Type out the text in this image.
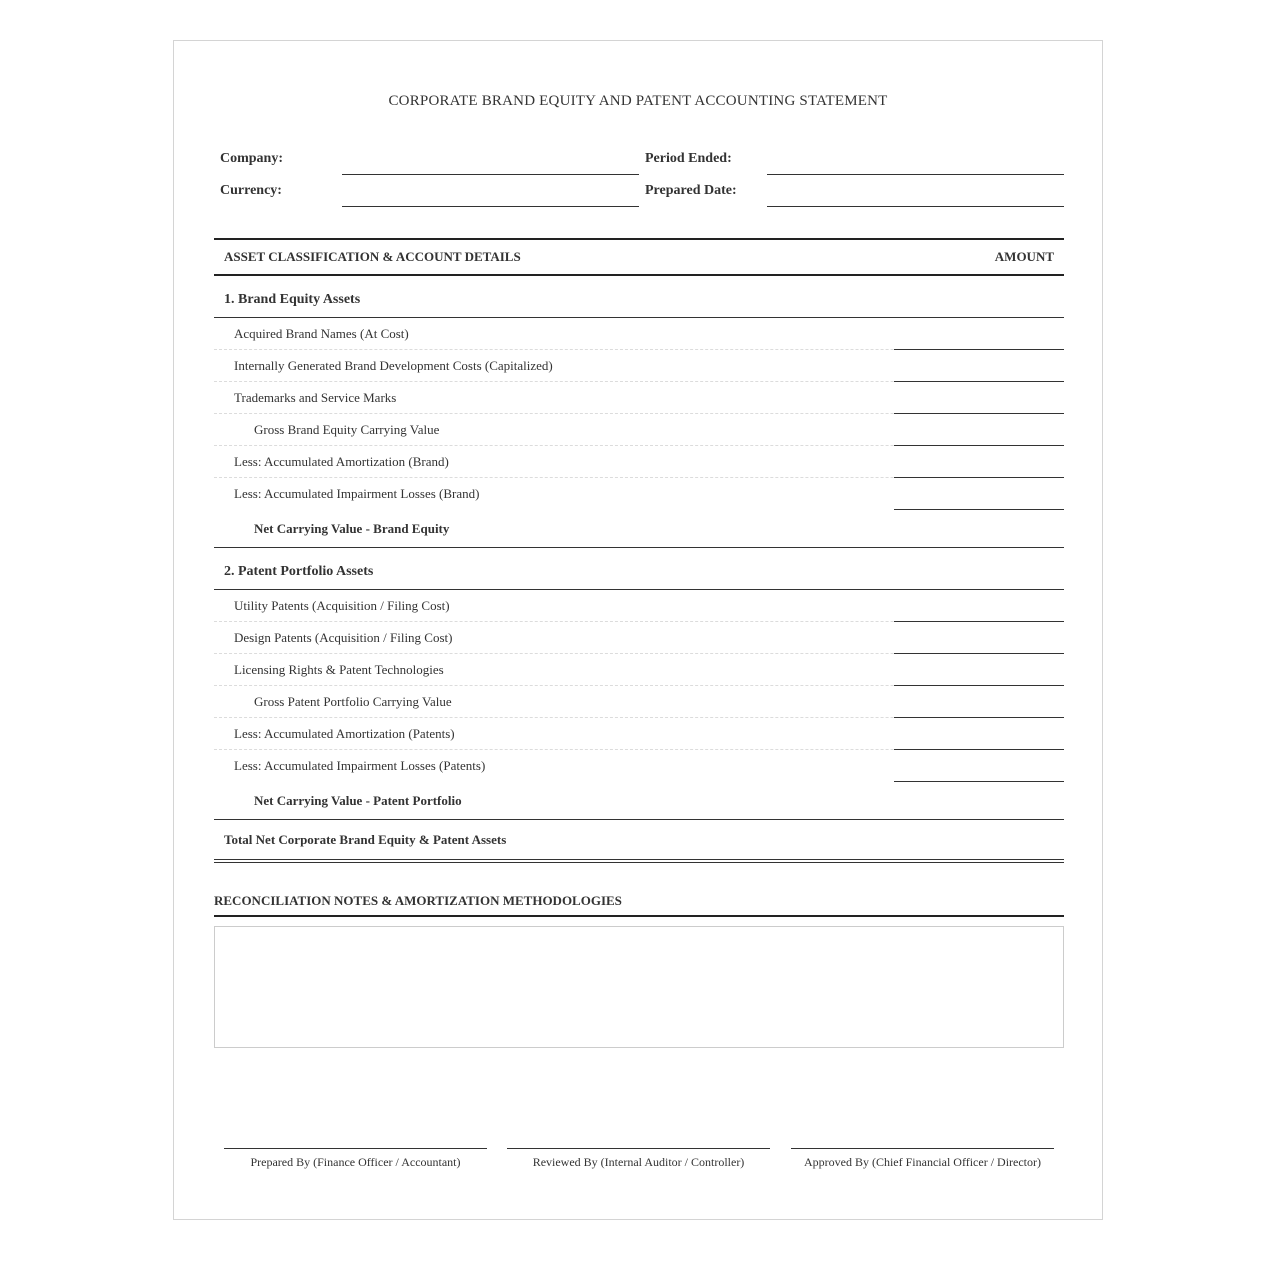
CORPORATE BRAND EQUITY AND PATENT ACCOUNTING STATEMENT
Company:	Period Ended:
Currency:	Prepared Date:
ASSET CLASSIFICATION & ACCOUNT DETAILS	AMOUNT
1. Brand Equity Assets
Acquired Brand Names (At Cost)
Internally Generated Brand Development Costs (Capitalized)
Trademarks and Service Marks
Gross Brand Equity Carrying Value
Less: Accumulated Amortization (Brand)
Less: Accumulated Impairment Losses (Brand)
Net Carrying Value - Brand Equity
2. Patent Portfolio Assets
Utility Patents (Acquisition / Filing Cost)
Design Patents (Acquisition / Filing Cost)
Licensing Rights & Patent Technologies
Gross Patent Portfolio Carrying Value
Less: Accumulated Amortization (Patents)
Less: Accumulated Impairment Losses (Patents)
Net Carrying Value - Patent Portfolio
Total Net Corporate Brand Equity & Patent Assets
RECONCILIATION NOTES & AMORTIZATION METHODOLOGIES
Prepared By (Finance Officer / Accountant)	Reviewed By (Internal Auditor / Controller)	Approved By (Chief Financial Officer / Director)
